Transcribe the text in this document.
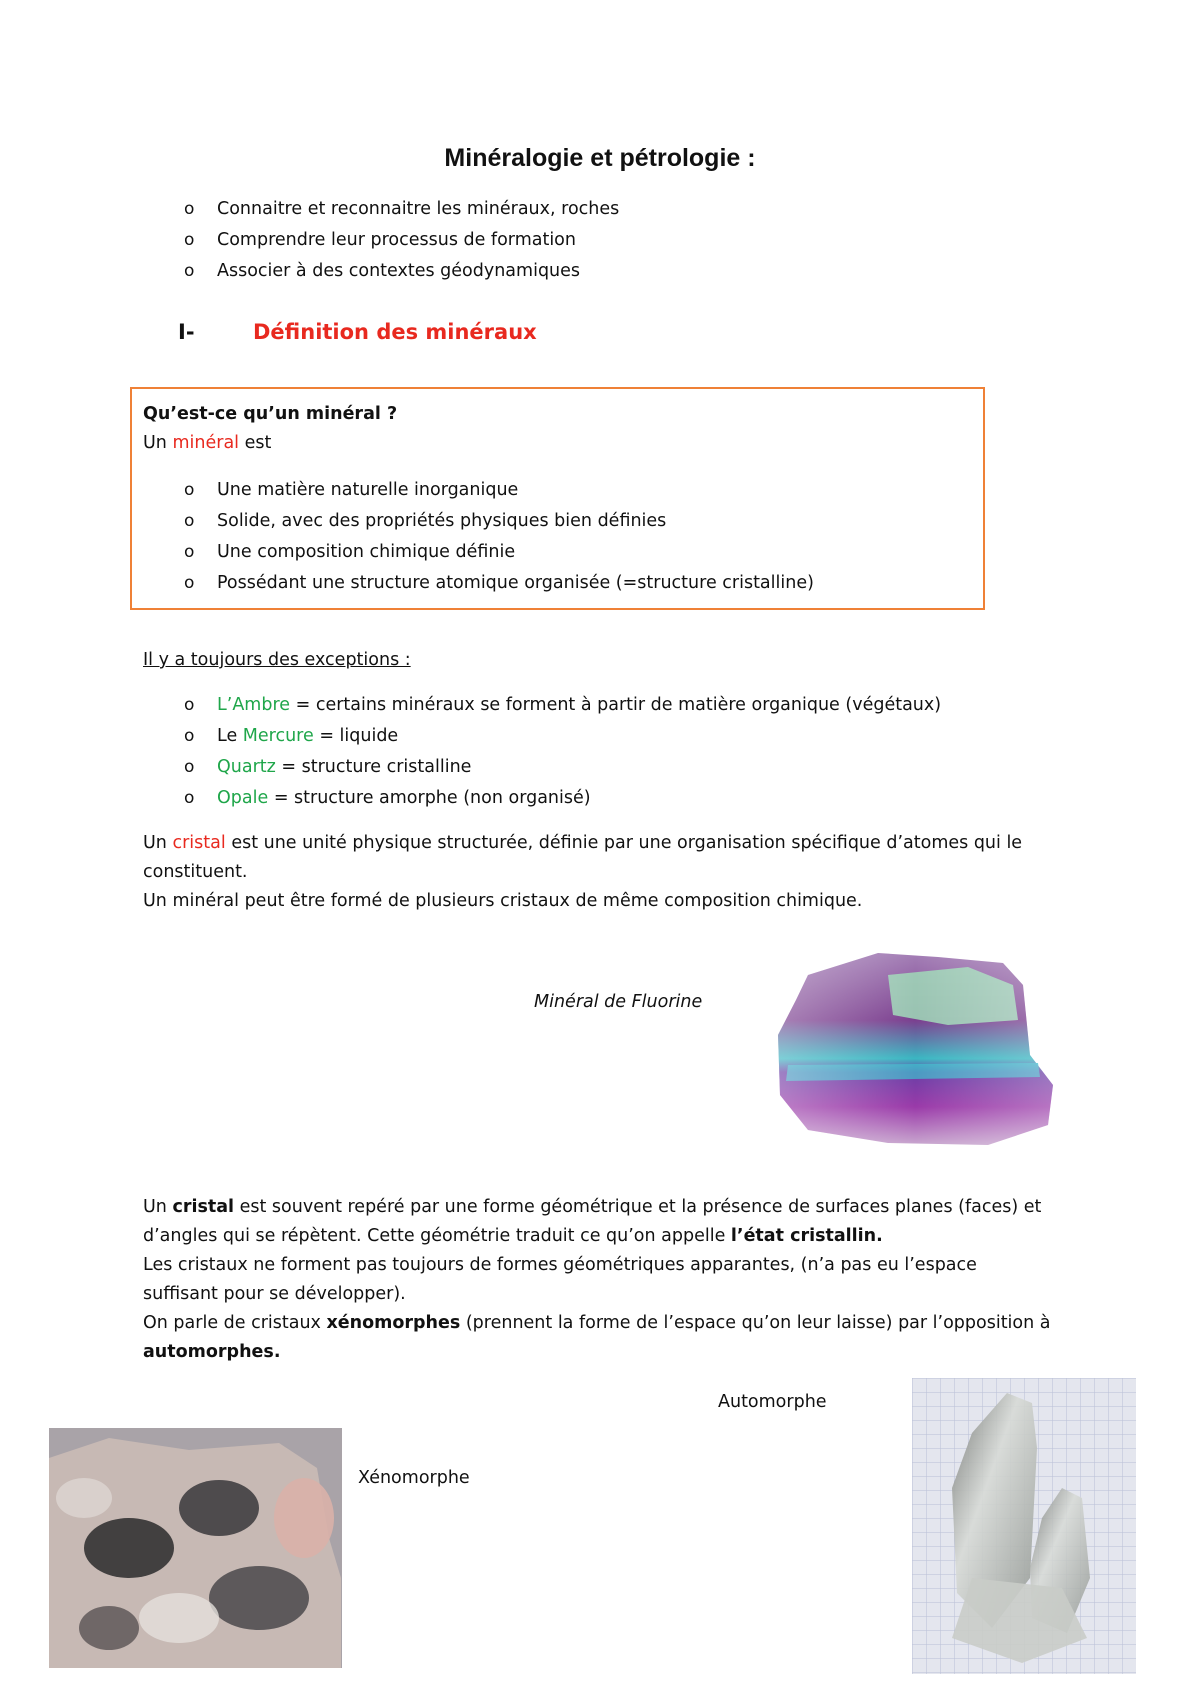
Minéralogie et pétrologie :
o Connaitre et reconnaitre les minéraux, roches
o Comprendre leur processus de formation
o Associer à des contextes géodynamiques
I-	Définition des minéraux
Qu’est-ce qu’un minéral ?
Un minéral est
o Une matière naturelle inorganique
o Solide, avec des propriétés physiques bien définies
o Une composition chimique définie
o Possédant une structure atomique organisée (=structure cristalline)
Il y a toujours des exceptions :
o L’Ambre = certains minéraux se forment à partir de matière organique (végétaux)
o Le Mercure = liquide
o Quartz = structure cristalline
o Opale = structure amorphe (non organisé)
Un cristal est une unité physique structurée, définie par une organisation spécifique d’atomes qui le
constituent.
Un minéral peut être formé de plusieurs cristaux de même composition chimique.
Minéral de Fluorine
Un cristal est souvent repéré par une forme géométrique et la présence de surfaces planes (faces) et
d’angles qui se répètent. Cette géométrie traduit ce qu’on appelle l’état cristallin.
Les cristaux ne forment pas toujours de formes géométriques apparantes, (n’a pas eu l’espace
suffisant pour se développer).
On parle de cristaux xénomorphes (prennent la forme de l’espace qu’on leur laisse) par l’opposition à
automorphes.
Automorphe
Xénomorphe
